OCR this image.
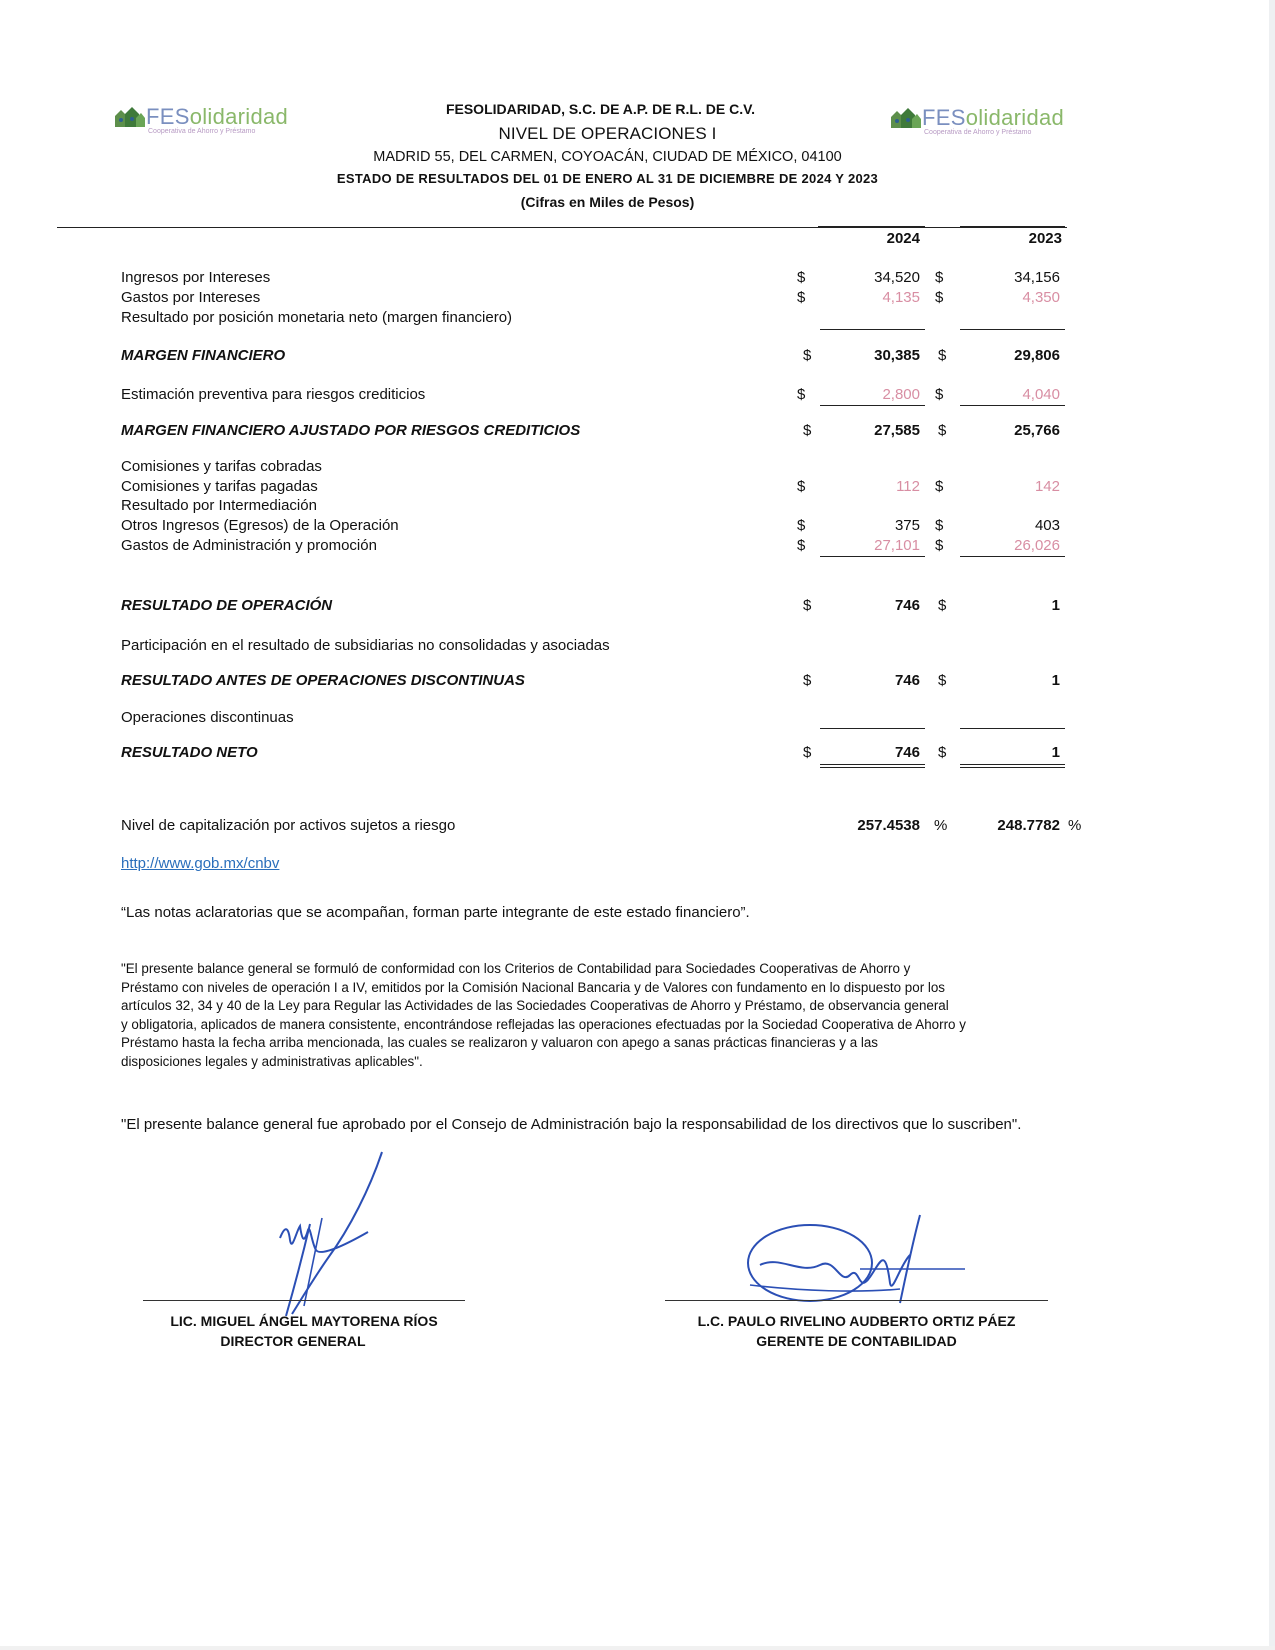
FESolidaridad
Cooperativa de Ahorro y Préstamo
FESolidaridad
Cooperativa de Ahorro y Préstamo
FESOLIDARIDAD, S.C. DE A.P. DE R.L. DE C.V.
NIVEL DE OPERACIONES I
MADRID 55, DEL CARMEN, COYOACÁN, CIUDAD DE MÉXICO, 04100
ESTADO DE RESULTADOS DEL 01 DE ENERO AL 31 DE DICIEMBRE DE 2024 Y 2023
(Cifras en Miles de Pesos)
2024	2023
Ingresos por Intereses	$	34,520 $	34,156
Gastos por Intereses	$	4,135 $	4,350
Resultado por posición monetaria neto (margen financiero)
MARGEN FINANCIERO	$	30,385 $	29,806
Estimación preventiva para riesgos crediticios	$	2,800 $	4,040
MARGEN FINANCIERO AJUSTADO POR RIESGOS CREDITICIOS	$	27,585 $	25,766
Comisiones y tarifas cobradas
Comisiones y tarifas pagadas	$	112 $	142
Resultado por Intermediación
Otros Ingresos (Egresos) de la Operación	$	375 $	403
Gastos de Administración y promoción	$	27,101 $	26,026
RESULTADO DE OPERACIÓN	$	746 $	1
Participación en el resultado de subsidiarias no consolidadas y asociadas
RESULTADO ANTES DE OPERACIONES DISCONTINUAS	$	746 $	1
Operaciones discontinuas
RESULTADO NETO	$	746 $	1
Nivel de capitalización por activos sujetos a riesgo	257.4538 %	248.7782 %
http://www.gob.mx/cnbv
“Las notas aclaratorias que se acompañan, forman parte integrante de este estado financiero”.
"El presente balance general se formuló de conformidad con los Criterios de Contabilidad para Sociedades Cooperativas de Ahorro y
Préstamo con niveles de operación I a IV, emitidos por la Comisión Nacional Bancaria y de Valores con fundamento en lo dispuesto por los
artículos 32, 34 y 40 de la Ley para Regular las Actividades de las Sociedades Cooperativas de Ahorro y Préstamo, de observancia general
y obligatoria, aplicados de manera consistente, encontrándose reflejadas las operaciones efectuadas por la Sociedad Cooperativa de Ahorro y
Préstamo hasta la fecha arriba mencionada, las cuales se realizaron y valuaron con apego a sanas prácticas financieras y a las
disposiciones legales y administrativas aplicables".
"El presente balance general fue aprobado por el Consejo de Administración bajo la responsabilidad de los directivos que lo suscriben".
LIC. MIGUEL ÁNGEL MAYTORENA RÍOS
DIRECTOR GENERAL
L.C. PAULO RIVELINO AUDBERTO ORTIZ PÁEZ
GERENTE DE CONTABILIDAD
